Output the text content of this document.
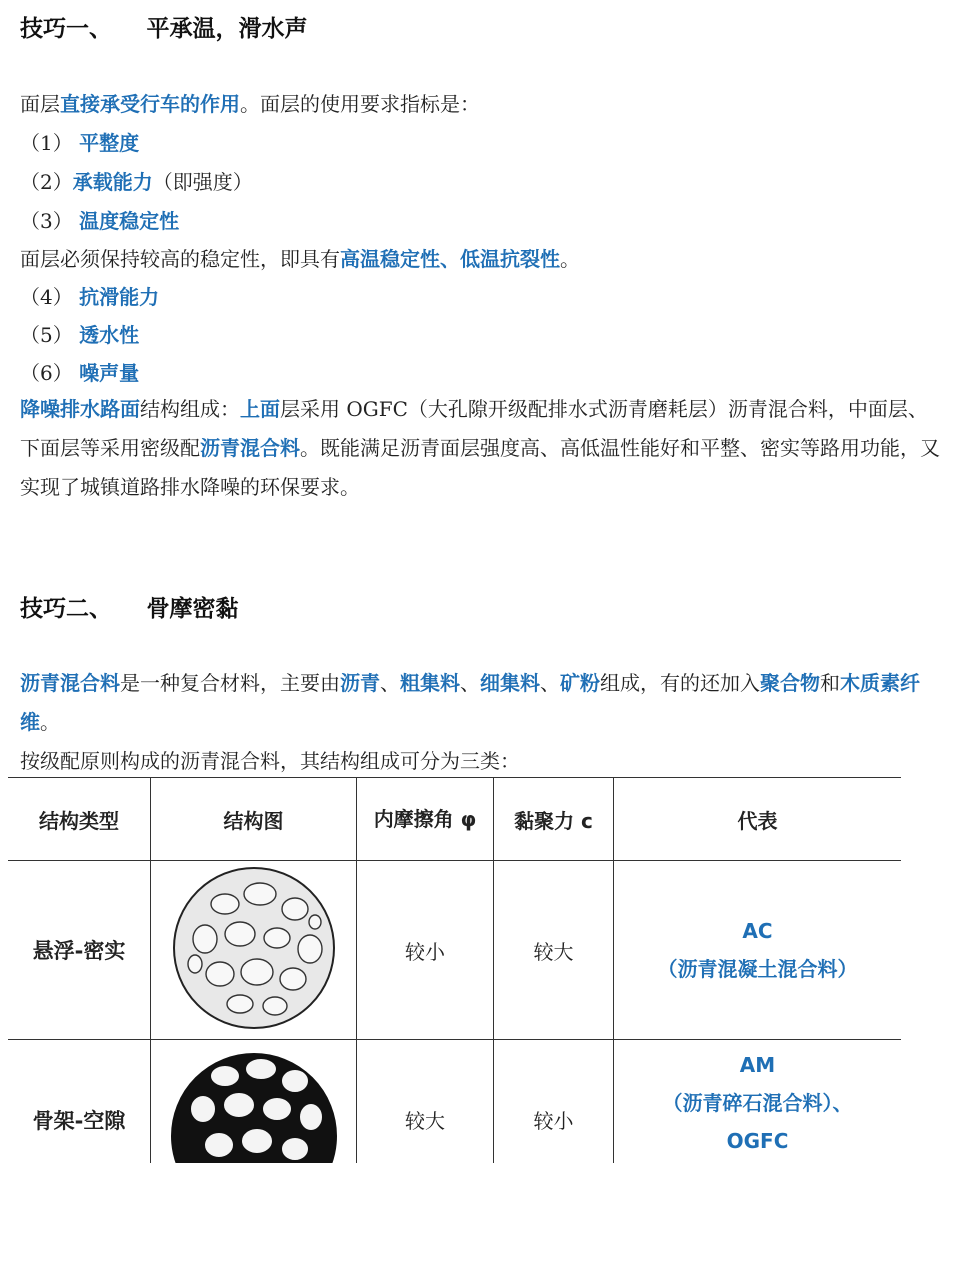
技巧一、　　平承温，滑水声
面层直接承受行车的作用。面层的使用要求指标是：
（1） 平整度
（2）承载能力（即强度）
（3） 温度稳定性
面层必须保持较高的稳定性，即具有高温稳定性、低温抗裂性。
（4） 抗滑能力
（5） 透水性
（6） 噪声量
降噪排水路面结构组成：上面层采用 OGFC（大孔隙开级配排水式沥青磨耗层）沥青混合料，中面层、下面层等采用密级配沥青混合料。既能满足沥青面层强度高、高低温性能好和平整、密实等路用功能，又实现了城镇道路排水降噪的环保要求。
技巧二、　　骨摩密黏
沥青混合料是一种复合材料，主要由沥青、粗集料、细集料、矿粉组成，有的还加入聚合物和木质素纤维。
按级配原则构成的沥青混合料，其结构组成可分为三类：
结构类型	结构图	内摩擦角 φ	黏聚力 c	代表
悬浮-密实		较小	较大	AC
（沥青混凝土混合料）

骨架-空隙		较大	较小	AM
（沥青碎石混合料）、
OGFC
